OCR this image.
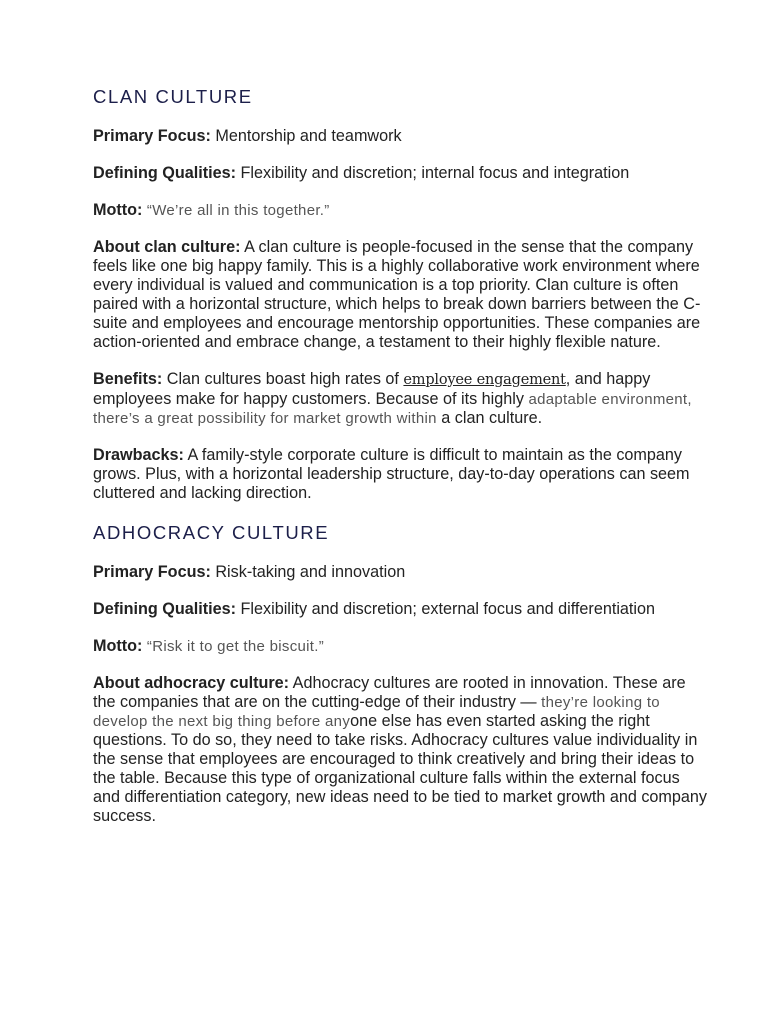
CLAN CULTURE

Primary Focus: Mentorship and teamwork

Defining Qualities: Flexibility and discretion; internal focus and integration

Motto: “We’re all in this together.”

About clan culture: A clan culture is people-focused in the sense that the company feels like one big happy family. This is a highly collaborative work environment where every individual is valued and communication is a top priority. Clan culture is often paired with a horizontal structure, which helps to break down barriers between the C-suite and employees and encourage mentorship opportunities. These companies are action-oriented and embrace change, a testament to their highly flexible nature.

Benefits: Clan cultures boast high rates of employee engagement, and happy employees make for happy customers. Because of its highly adaptable environment, there’s a great possibility for market growth within a clan culture.

Drawbacks: A family-style corporate culture is difficult to maintain as the company grows. Plus, with a horizontal leadership structure, day-to-day operations can seem cluttered and lacking direction.

ADHOCRACY CULTURE

Primary Focus: Risk-taking and innovation

Defining Qualities: Flexibility and discretion; external focus and differentiation

Motto: “Risk it to get the biscuit.”

About adhocracy culture: Adhocracy cultures are rooted in innovation. These are the companies that are on the cutting-edge of their industry — they’re looking to develop the next big thing before anyone else has even started asking the right questions. To do so, they need to take risks. Adhocracy cultures value individuality in the sense that employees are encouraged to think creatively and bring their ideas to the table. Because this type of organizational culture falls within the external focus and differentiation category, new ideas need to be tied to market growth and company success.
